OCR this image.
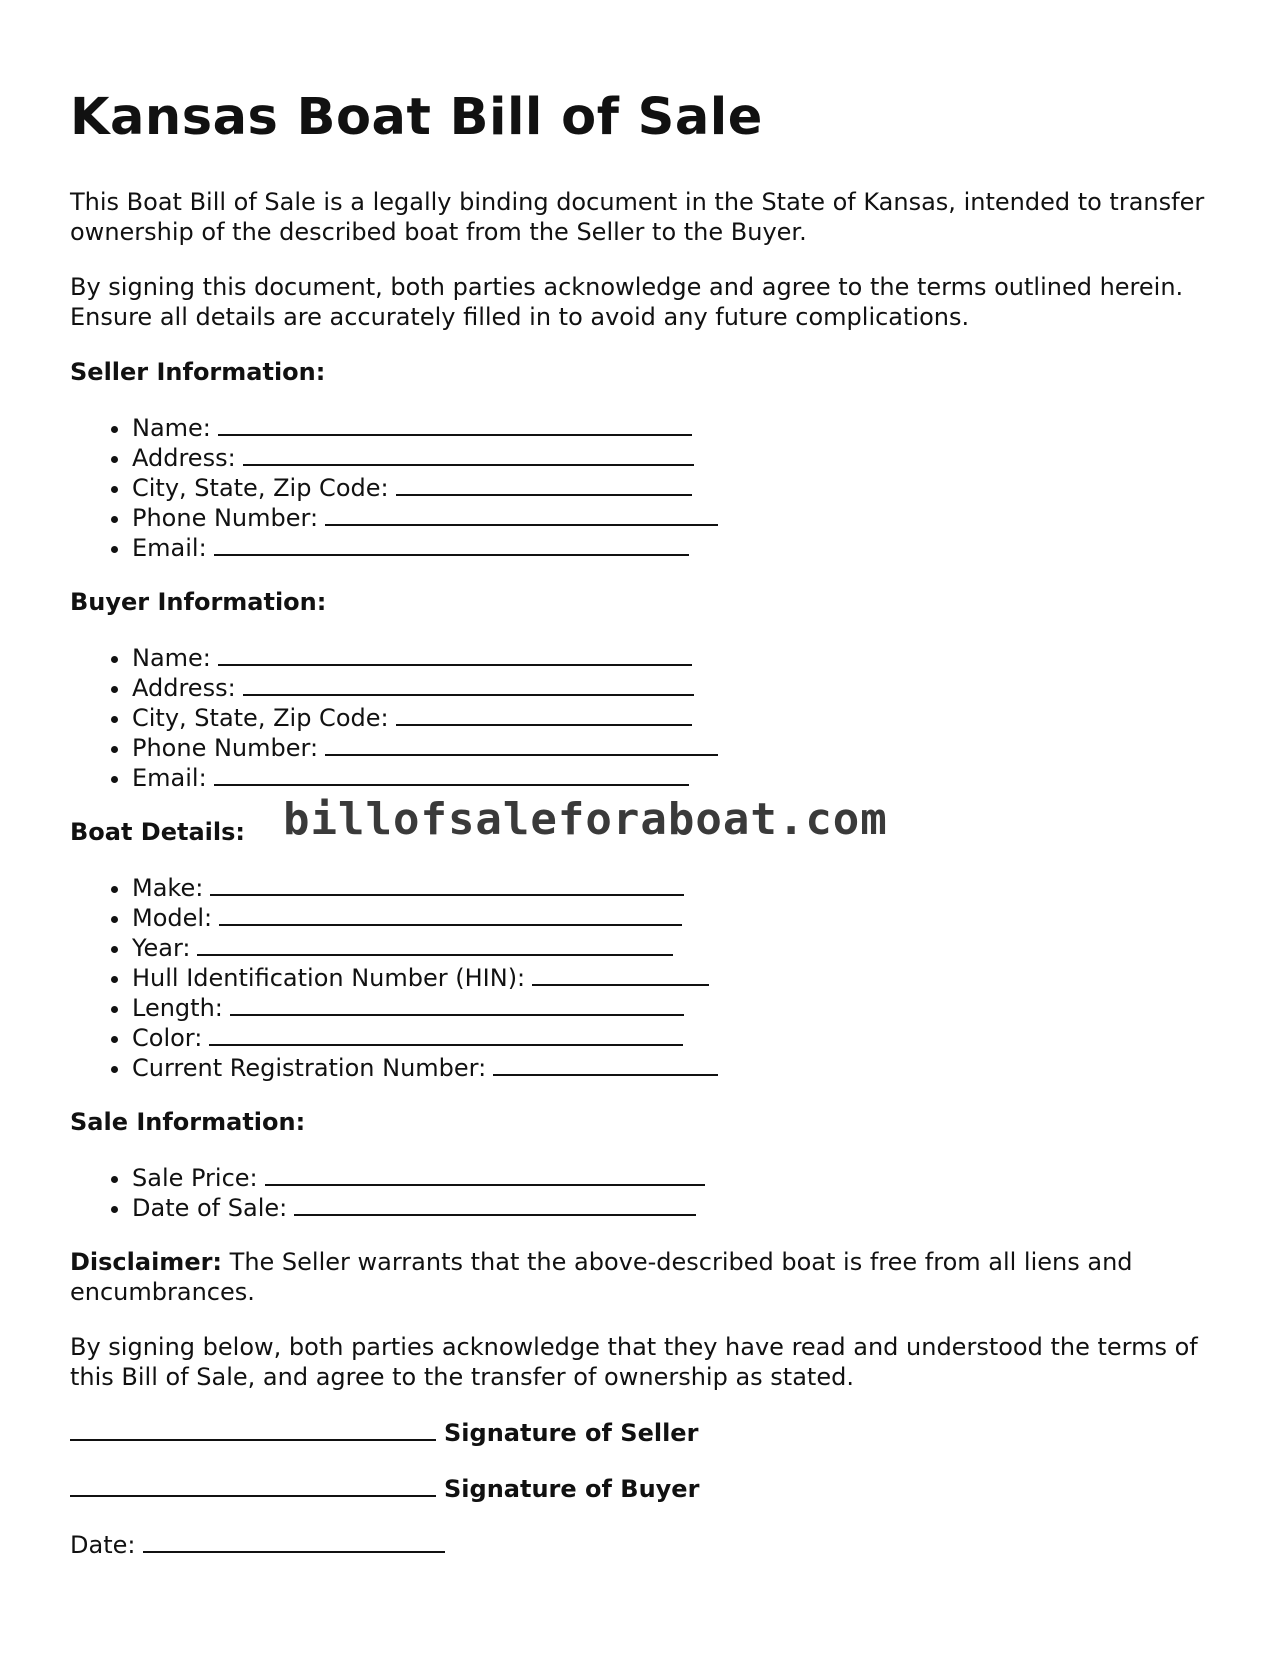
Kansas Boat Bill of Sale

This Boat Bill of Sale is a legally binding document in the State of Kansas, intended to transfer ownership of the described boat from the Seller to the Buyer.

By signing this document, both parties acknowledge and agree to the terms outlined herein. Ensure all details are accurately filled in to avoid any future complications.

Seller Information:
• Name:
• Address:
• City, State, Zip Code:
• Phone Number:
• Email:
Buyer Information:
• Name:
• Address:
• City, State, Zip Code:
• Phone Number:
• Email:
Boat Details: billofsaleforaboat.com
• Make:
• Model:
• Year:
• Hull Identification Number (HIN):
• Length:
• Color:
• Current Registration Number:
Sale Information:
• Sale Price:
• Date of Sale:

Disclaimer: The Seller warrants that the above-described boat is free from all liens and encumbrances.

By signing below, both parties acknowledge that they have read and understood the terms of this Bill of Sale, and agree to the transfer of ownership as stated.

Signature of Seller
Signature of Buyer
Date:
